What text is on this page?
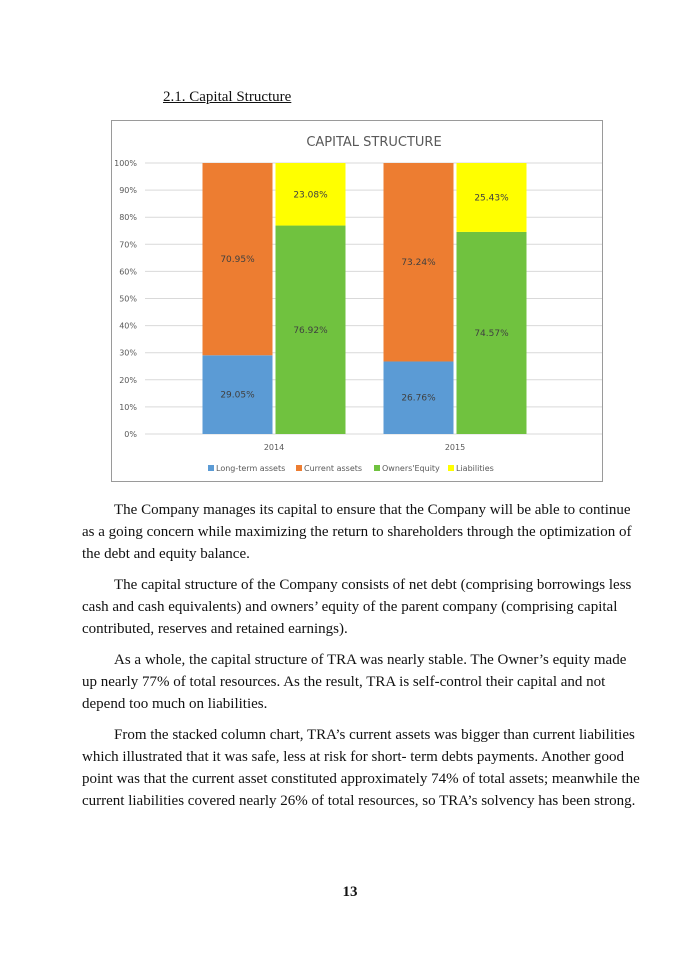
2.1. Capital Structure
CAPITAL STRUCTURE
0%
10%
20%
30%
40%
50%
60%
70%
80%
90%
100%
29.05%
70.95%
76.92%
23.08%
2014
26.76%
73.24%
74.57%
25.43%
2015
Long-term assets Current assets Owners'Equity Liabilities

The Company manages its capital to ensure that the Company will be able to continue as a going concern while maximizing the return to shareholders through the optimization of the debt and equity balance.

The capital structure of the Company consists of net debt (comprising borrowings less cash and cash equivalents) and owners’ equity of the parent company (comprising capital contributed, reserves and retained earnings).

As a whole, the capital structure of TRA was nearly stable. The Owner’s equity made up nearly 77% of total resources. As the result, TRA is self-control their capital and not depend too much on liabilities.

From the stacked column chart, TRA’s current assets was bigger than current liabilities which illustrated that it was safe, less at risk for short- term debts payments. Another good point was that the current asset constituted approximately 74% of total assets; meanwhile the current liabilities covered nearly 26% of total resources, so TRA’s solvency has been strong.

13
